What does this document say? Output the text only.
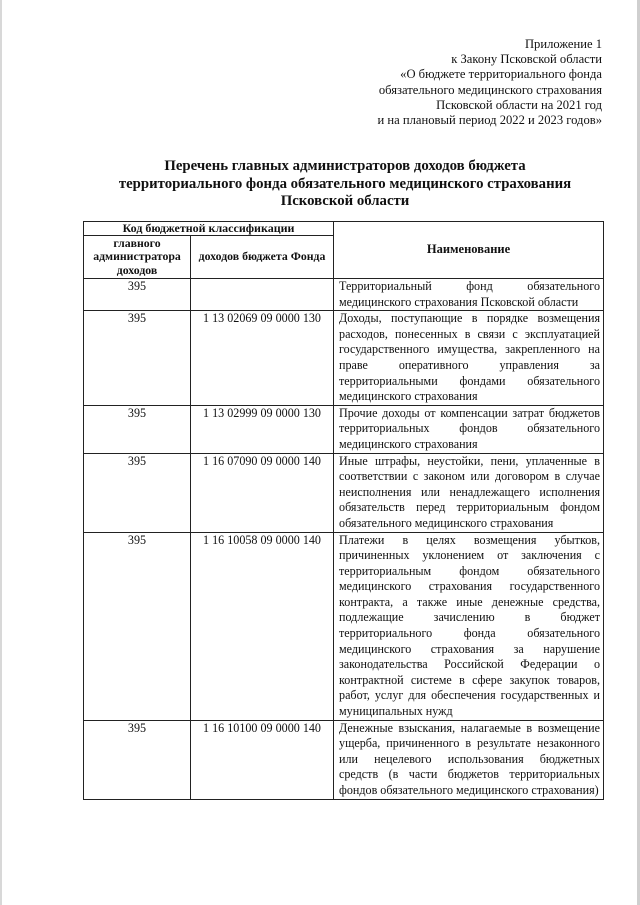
Приложение 1
к Закону Псковской области
«О бюджете территориального фонда
обязательного медицинского страхования
Псковской области на 2021 год
и на плановый период 2022 и 2023 годов»
Перечень главных администраторов доходов бюджета
территориального фонда обязательного медицинского страхования
Псковской области
Код бюджетной классификации		Наименование
главного администратора доходов	доходов бюджета Фонда	
395		Территориальный фонд обязательного медицинского страхования Псковской области
395	1 13 02069 09 0000 130	Доходы, поступающие в порядке возмещения расходов, понесенных в связи с эксплуатацией государственного имущества, закрепленного на праве оперативного управления за территориальными фондами обязательного медицинского страхования
395	1 13 02999 09 0000 130	Прочие доходы от компенсации затрат бюджетов территориальных фондов обязательного медицинского страхования
395	1 16 07090 09 0000 140	Иные штрафы, неустойки, пени, уплаченные в соответствии с законом или договором в случае неисполнения или ненадлежащего исполнения обязательств перед территориальным фондом обязательного медицинского страхования
395	1 16 10058 09 0000 140	Платежи в целях возмещения убытков, причиненных уклонением от заключения с территориальным фондом обязательного медицинского страхования государственного контракта, а также иные денежные средства, подлежащие зачислению в бюджет территориального фонда обязательного медицинского страхования за нарушение законодательства Российской Федерации о контрактной системе в сфере закупок товаров, работ, услуг для обеспечения государственных и муниципальных нужд
395	1 16 10100 09 0000 140	Денежные взыскания, налагаемые в возмещение ущерба, причиненного в результате незаконного или нецелевого использования бюджетных средств (в части бюджетов территориальных фондов обязательного медицинского страхования)
